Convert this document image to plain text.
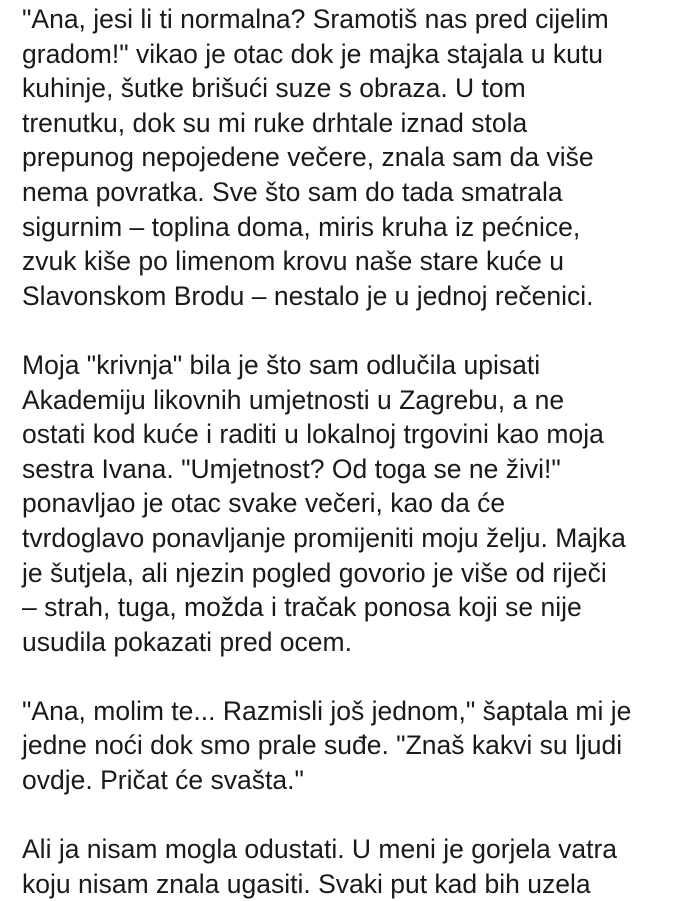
"Ana, jesi li ti normalna? Sramotiš nas pred cijelim
gradom!" vikao je otac dok je majka stajala u kutu
kuhinje, šutke brišući suze s obraza. U tom
trenutku, dok su mi ruke drhtale iznad stola
prepunog nepojedene večere, znala sam da više
nema povratka. Sve što sam do tada smatrala
sigurnim – toplina doma, miris kruha iz pećnice,
zvuk kiše po limenom krovu naše stare kuće u
Slavonskom Brodu – nestalo je u jednoj rečenici.

Moja "krivnja" bila je što sam odlučila upisati
Akademiju likovnih umjetnosti u Zagrebu, a ne
ostati kod kuće i raditi u lokalnoj trgovini kao moja
sestra Ivana. "Umjetnost? Od toga se ne živi!"
ponavljao je otac svake večeri, kao da će
tvrdoglavo ponavljanje promijeniti moju želju. Majka
je šutjela, ali njezin pogled govorio je više od riječi
– strah, tuga, možda i tračak ponosa koji se nije
usudila pokazati pred ocem.

"Ana, molim te... Razmisli još jednom," šaptala mi je
jedne noći dok smo prale suđe. "Znaš kakvi su ljudi
ovdje. Pričat će svašta."

Ali ja nisam mogla odustati. U meni je gorjela vatra
koju nisam znala ugasiti. Svaki put kad bih uzela
